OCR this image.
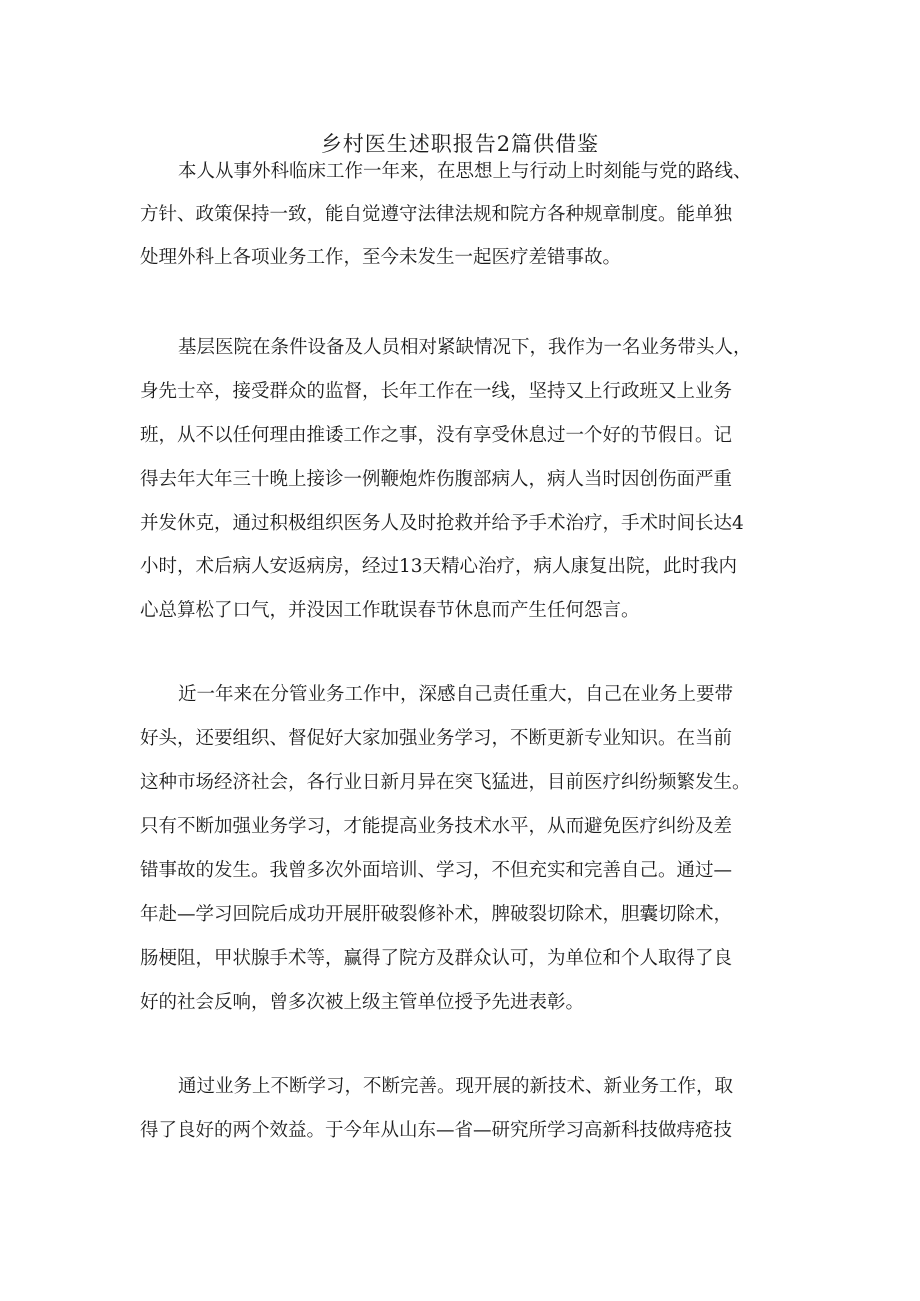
乡村医生述职报告2篇供借鉴
本人从事外科临床工作一年来，在思想上与行动上时刻能与党的路线、
方针、政策保持一致，能自觉遵守法律法规和院方各种规章制度。能单独
处理外科上各项业务工作，至今未发生一起医疗差错事故。
基层医院在条件设备及人员相对紧缺情况下，我作为一名业务带头人，
身先士卒，接受群众的监督，长年工作在一线，坚持又上行政班又上业务
班，从不以任何理由推诿工作之事，没有享受休息过一个好的节假日。记
得去年大年三十晚上接诊一例鞭炮炸伤腹部病人，病人当时因创伤面严重
并发休克，通过积极组织医务人及时抢救并给予手术治疗，手术时间长达4
小时，术后病人安返病房，经过13天精心治疗，病人康复出院，此时我内
心总算松了口气，并没因工作耽误春节休息而产生任何怨言。
近一年来在分管业务工作中，深感自己责任重大，自己在业务上要带
好头，还要组织、督促好大家加强业务学习，不断更新专业知识。在当前
这种市场经济社会，各行业日新月异在突飞猛进，目前医疗纠纷频繁发生。
只有不断加强业务学习，才能提高业务技术水平，从而避免医疗纠纷及差
错事故的发生。我曾多次外面培训、学习，不但充实和完善自己。通过—
年赴—学习回院后成功开展肝破裂修补术，脾破裂切除术，胆囊切除术，
肠梗阻，甲状腺手术等，赢得了院方及群众认可，为单位和个人取得了良
好的社会反响，曾多次被上级主管单位授予先进表彰。
通过业务上不断学习，不断完善。现开展的新技术、新业务工作，取
得了良好的两个效益。于今年从山东—省—研究所学习高新科技做痔疮技
